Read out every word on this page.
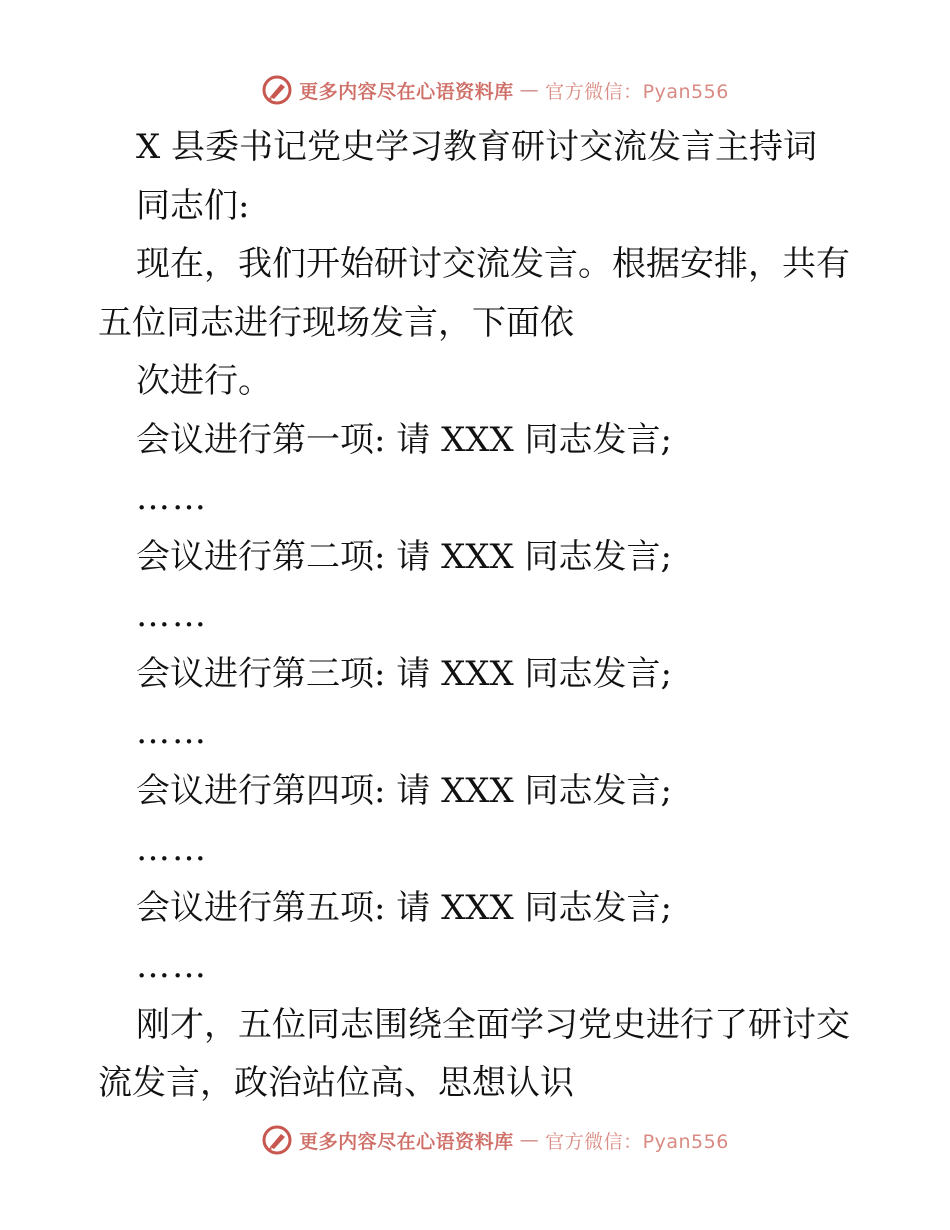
更多内容尽在心语资料库 — 官方微信：Pyan556

X 县委书记党史学习教育研讨交流发言主持词

同志们:

现在，我们开始研讨交流发言。根据安排，共有

五位同志进行现场发言，下面依

次进行。

会议进行第一项: 请 XXX 同志发言;

……

会议进行第二项: 请 XXX 同志发言;

……

会议进行第三项: 请 XXX 同志发言;

……

会议进行第四项: 请 XXX 同志发言;

……

会议进行第五项: 请 XXX 同志发言;

……

刚才，五位同志围绕全面学习党史进行了研讨交

流发言，政治站位高、思想认识

更多内容尽在心语资料库 — 官方微信：Pyan556
